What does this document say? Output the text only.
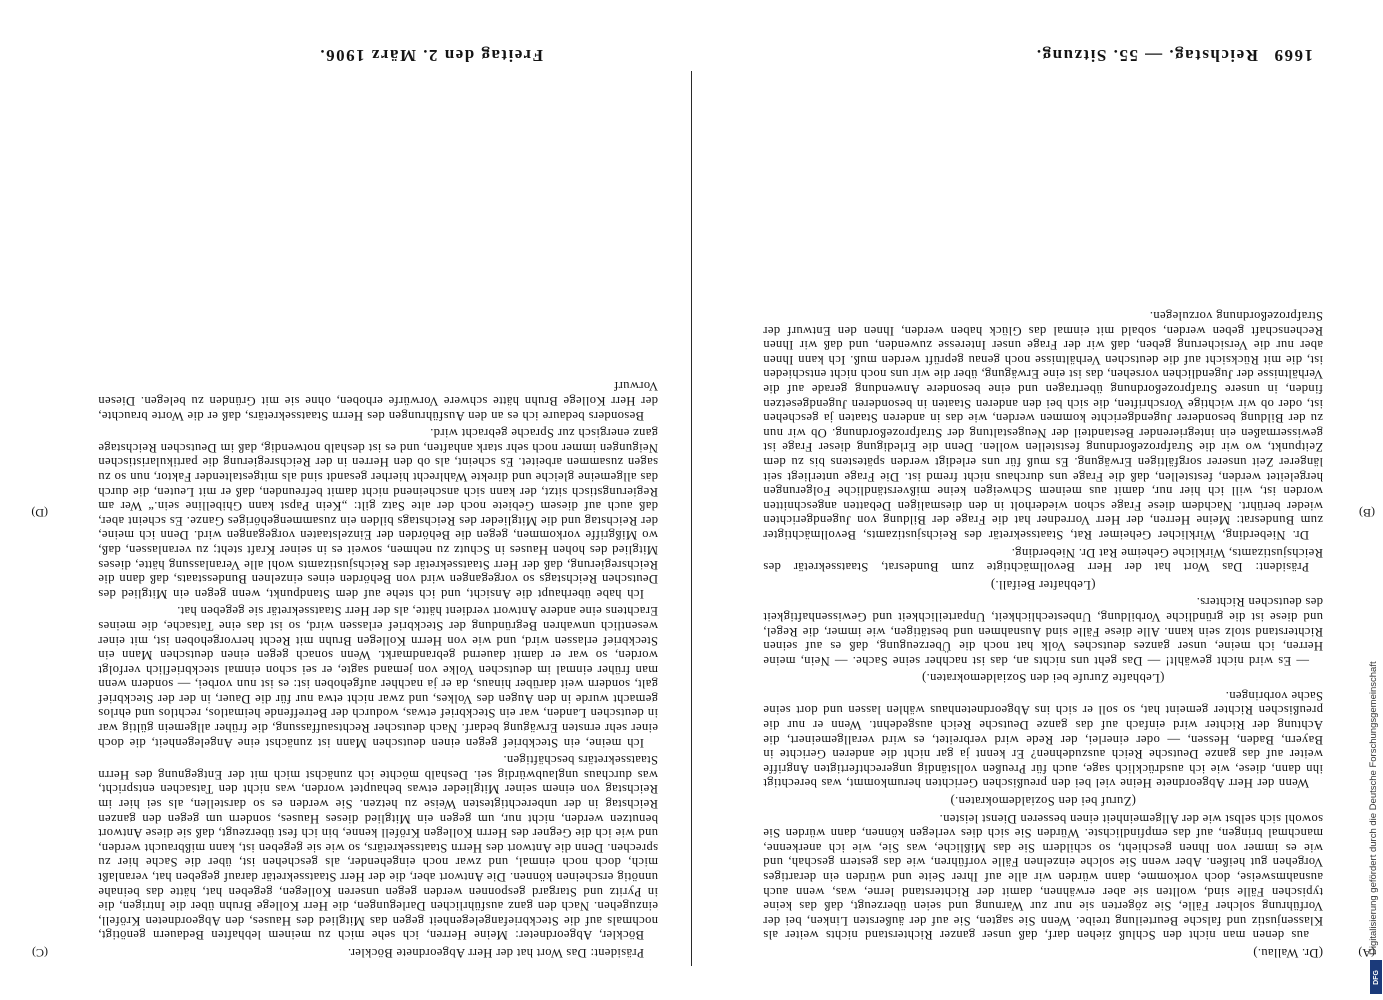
1669
Reichstag. — 55. Sitzung.
Freitag den 2. März 1906.
(A)
(B)
(C)
(D)

(Dr. Wallau.)

aus denen man nicht den Schluß ziehen darf, daß unser ganzer Richterstand nichts weiter als Klassenjustiz und falsche Beurteilung treibe. Wenn Sie sagten, Sie auf der äußersten Linken, bei der Vorführung solcher Fälle, Sie zögerten sie nur zur Warnung und seien überzeugt, daß das keine typischen Fälle sind, wollten sie aber erwähnen, damit der Richterstand lerne, was, wenn auch ausnahmsweise, doch vorkomme, dann würden wir alle auf Ihrer Seite und würden ein derartiges Vorgehen gut heißen. Aber wenn Sie solche einzelnen Fälle vorführen, wie das gestern geschah, und wie es immer von Ihnen geschieht, so schildern Sie das Mißliche, was Sie, wie ich anerkenne, manchmal bringen, auf das empfindlichste. Würden Sie sich dies verlegen können, dann würden Sie sowohl sich selbst wie der Allgemeinheit einen besseren Dienst leisten.

(Zuruf bei den Sozialdemokraten.)

Wenn der Herr Abgeordnete Heine viel bei den preußischen Gerichten herumkommt, was berechtigt ihn dann, diese, wie ich ausdrücklich sage, auch für Preußen vollständig ungerechtfertigten Angriffe weiter auf das ganze Deutsche Reich auszudehnen? Er kennt ja gar nicht die anderen Gerichte in Bayern, Baden, Hessen, — oder einerlei, der Rede wird verbreitet, es wird verallgemeinert, die Achtung der Richter wird einfach auf das ganze Deutsche Reich ausgedehnt. Wenn er nur die preußischen Richter gemeint hat, so soll er sich ins Abgeordnetenhaus wählen lassen und dort seine Sache vorbringen.

(Lebhafte Zurufe bei den Sozialdemokraten.)

— Es wird nicht gewählt! — Das geht uns nichts an, das ist nachher seine Sache. — Nein, meine Herren, ich meine, unser ganzes deutsches Volk hat noch die Überzeugung, daß es auf seinen Richterstand stolz sein kann. Alle diese Fälle sind Ausnahmen und bestätigen, wie immer, die Regel, und diese ist die gründliche Vorbildung, Unbestechlichkeit, Unparteilichkeit und Gewissenhaftigkeit des deutschen Richters.

(Lebhafter Beifall.)

Präsident: Das Wort hat der Herr Bevollmächtigte zum Bundesrat, Staatssekretär des Reichsjustizamts, Wirkliche Geheime Rat Dr. Nieberding.

Dr. Nieberding, Wirklicher Geheimer Rat, Staatssekretär des Reichsjustizamts, Bevollmächtigter zum Bundesrat: Meine Herren, der Herr Vorredner hat die Frage der Bildung von Jugendgerichten wieder berührt. Nachdem diese Frage schon wiederholt in den diesmaligen Debatten angeschnitten worden ist, will ich hier nur, damit aus meinem Schweigen keine mißverständliche Folgerungen hergeleitet werden, feststellen, daß die Frage uns durchaus nicht fremd ist. Die Frage unterliegt seit längerer Zeit unserer sorgfältigen Erwägung. Es muß für uns erledigt werden spätestens bis zu dem Zeitpunkt, wo wir die Strafprozeßordnung feststellen wollen. Denn die Erledigung dieser Frage ist gewissermaßen ein integrierender Bestandteil der Neugestaltung der Strafprozeßordnung. Ob wir nun zu der Bildung besonderer Jugendgerichte kommen werden, wie das in anderen Staaten ja geschehen ist, oder ob wir wichtige Vorschriften, die sich bei den anderen Staaten in besonderen Jugendgesetzen finden, in unsere Strafprozeßordnung übertragen und eine besondere Anwendung gerade auf die Verhältnisse der Jugendlichen vorsehen, das ist eine Erwägung, über die wir uns noch nicht entschieden ist, die mit Rücksicht auf die deutschen Verhältnisse noch genau geprüft werden muß. Ich kann Ihnen aber nur die Versicherung geben, daß wir der Frage unser Interesse zuwenden, und daß wir Ihnen Rechenschaft geben werden, sobald mit einmal das Glück haben werden, Ihnen den Entwurf der Strafprozeßordnung vorzulegen.

Präsident: Das Wort hat der Herr Abgeordnete Böckler.

Böckler, Abgeordneter: Meine Herren, ich sehe mich zu meinem lebhaften Bedauern genötigt, nochmals auf die Steckbriefangelegenheit gegen das Mitglied des Hauses, den Abgeordneten Kröfell, einzugehen. Nach den ganz ausführlichen Darlegungen, die Herr Kollege Bruhn über die Intrigen, die in Pyritz und Stargard gesponnen werden gegen unseren Kollegen, gegeben hat, hätte das beinahe unnötig erscheinen können. Die Antwort aber, die der Herr Staatssekretär darauf gegeben hat, veranlaßt mich, doch noch einmal, und zwar noch eingehender, als geschehen ist, über die Sache hier zu sprechen. Denn die Antwort des Herrn Staatssekretärs, so wie sie gegeben ist, kann mißbraucht werden, und wie ich die Gegner des Herrn Kollegen Kröfell kenne, bin ich fest überzeugt, daß sie diese Antwort benutzen werden, nicht nur, um gegen ein Mitglied dieses Hauses, sondern um gegen den ganzen Reichstag in der unberechtigtesten Weise zu hetzen. Sie werden es so darstellen, als sei hier im Reichstag von einem seiner Mitglieder etwas behauptet worden, was nicht den Tatsachen entspricht, was durchaus unglaubwürdig sei. Deshalb möchte ich zunächst mich mit der Entgegnung des Herrn Staatssekretärs beschäftigen.

Ich meine, ein Steckbrief gegen einen deutschen Mann ist zunächst eine Angelegenheit, die doch einer sehr ernsten Erwägung bedarf. Nach deutscher Rechtsauffassung, die früher allgemein gültig war in deutschen Landen, war ein Steckbrief etwas, wodurch der Betreffende heimatlos, rechtlos und ehrlos gemacht wurde in den Augen des Volkes, und zwar nicht etwa nur für die Dauer, in der der Steckbrief galt, sondern weit darüber hinaus, da er ja nachher aufgehoben ist: es ist nun vorbei, — sondern wenn man früher einmal im deutschen Volke von jemand sagte, er sei schon einmal steckbrieflich verfolgt worden, so war er damit dauernd gebrandmarkt. Wenn sonach gegen einen deutschen Mann ein Steckbrief erlassen wird, und wie von Herrn Kollegen Bruhn mit Recht hervorgehoben ist, mit einer wesentlich unwahren Begründung der Steckbrief erlassen wird, so ist das eine Tatsache, die meines Erachtens eine andere Antwort verdient hätte, als der Herr Staatssekretär sie gegeben hat.

Ich habe überhaupt die Ansicht, und ich stehe auf dem Standpunkt, wenn gegen ein Mitglied des Deutschen Reichstags so vorgegangen wird von Behörden eines einzelnen Bundesstaats, daß dann die Reichsregierung, daß der Herr Staatssekretär des Reichsjustizamts wohl alle Veranlassung hätte, dieses Mitglied des hohen Hauses in Schutz zu nehmen, soweit es in seiner Kraft steht; zu veranlassen, daß, wo Mißgriffe vorkommen, gegen die Behörden der Einzelstaaten vorgegangen wird. Denn ich meine, der Reichstag und die Mitglieder des Reichstags bilden ein zusammengehöriges Ganze. Es scheint aber, daß auch auf diesem Gebiete noch der alte Satz gilt: „Kein Papst kann Ghibelline sein.“ Wer am Regierungstisch sitzt, der kann sich anscheinend nicht damit befreunden, daß er mit Leuten, die durch das allgemeine gleiche und direkte Wahlrecht hierher gesandt sind als mitgestaltender Faktor, nun so zu sagen zusammen arbeitet. Es scheint, als ob den Herren in der Reichsregierung die partikularistischen Neigungen immer noch sehr stark anhaften, und es ist deshalb notwendig, daß im Deutschen Reichstage ganz energisch zur Sprache gebracht wird.

Besonders bedaure ich es an den Ausführungen des Herrn Staatssekretärs, daß er die Worte brauchte, der Herr Kollege Bruhn hätte schwere Vorwürfe erhoben, ohne sie mit Gründen zu belegen. Diesen Vorwurf

Digitalisierung gefördert durch die Deutsche Forschungsgemeinschaft
DFG
